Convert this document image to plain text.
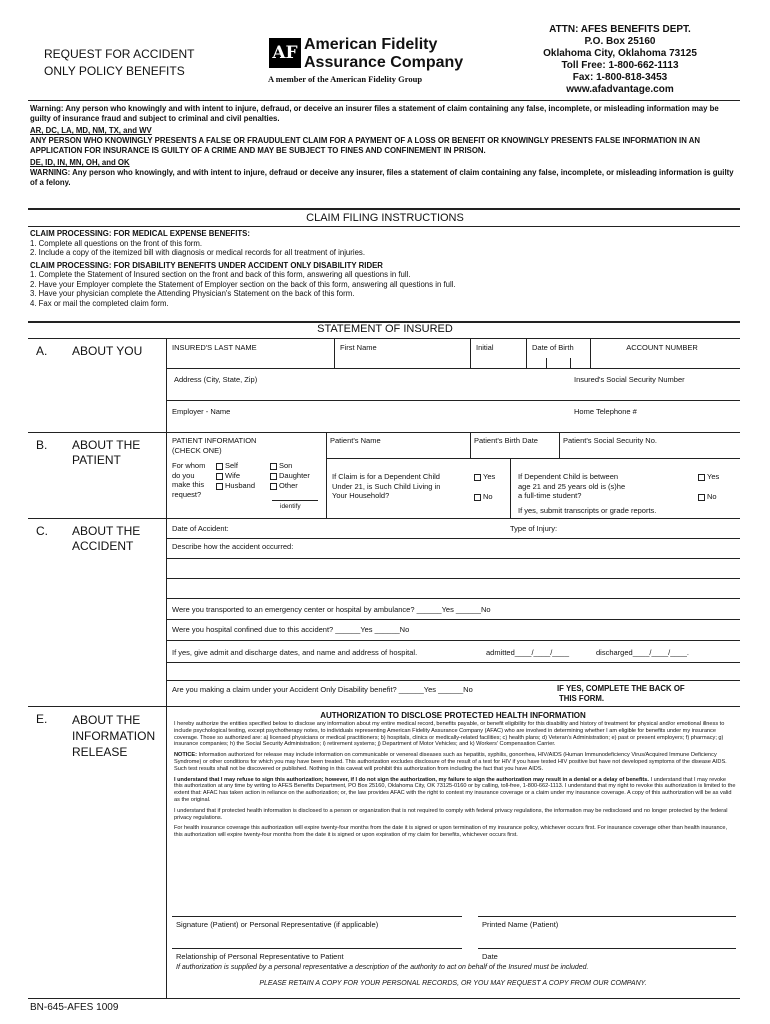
REQUEST FOR ACCIDENT
ONLY POLICY BENEFITS
AF American Fidelity
Assurance Company
A member of the American Fidelity Group
ATTN: AFES BENEFITS DEPT.
P.O. Box 25160
Oklahoma City, Oklahoma 73125
Toll Free: 1-800-662-1113
Fax: 1-800-818-3453
www.afadvantage.com
Warning: Any person who knowingly and with intent to injure, defraud, or deceive an insurer files a statement of claim containing any false, incomplete, or misleading information may be guilty of insurance fraud and subject to criminal and civil penalties.
AR, DC, LA, MD, NM, TX, and WV
ANY PERSON WHO KNOWINGLY PRESENTS A FALSE OR FRAUDULENT CLAIM FOR A PAYMENT OF A LOSS OR BENEFIT OR KNOWINGLY PRESENTS FALSE INFORMATION IN AN APPLICATION FOR INSURANCE IS GUILTY OF A CRIME AND MAY BE SUBJECT TO FINES AND CONFINEMENT IN PRISON.
DE, ID, IN, MN, OH, and OK
WARNING: Any person who knowingly, and with intent to injure, defraud or deceive any insurer, files a statement of claim containing any false, incomplete, or misleading information is guilty of a felony.
CLAIM FILING INSTRUCTIONS
CLAIM PROCESSING: FOR MEDICAL EXPENSE BENEFITS:
1. Complete all questions on the front of this form.
2. Include a copy of the itemized bill with diagnosis or medical records for all treatment of injuries.
CLAIM PROCESSING: FOR DISABILITY BENEFITS UNDER ACCIDENT ONLY DISABILITY RIDER
1. Complete the Statement of Insured section on the front and back of this form, answering all questions in full.
2. Have your Employer complete the Statement of Employer section on the back of this form, answering all questions in full.
3. Have your physician complete the Attending Physician's Statement on the back of this form.
4. Fax or mail the completed claim form.
STATEMENT OF INSURED
A. ABOUT YOU	INSURED'S LAST NAME	First Name	Initial	Date of Birth	ACCOUNT NUMBER
Address (City, State, Zip)	Insured's Social Security Number
Employer - Name	Home Telephone #
B. ABOUT THE
PATIENT
PATIENT INFORMATION
(CHECK ONE)
For whom
do you
make this
request?
Self
Wife
Husband
Son
Daughter
Other
identify
Patient's Name	Patient's Birth Date	Patient's Social Security No.
If Claim is for a Dependent Child
Under 21, is Such Child Living in
Your Household?
Yes
No
If Dependent Child is between
age 21 and 25 years old is (s)he
a full-time student?
Yes
No
If yes, submit transcripts or grade reports.
C. ABOUT THE
ACCIDENT
Date of Accident:	Type of Injury:
Describe how the accident occurred:
Were you transported to an emergency center or hospital by ambulance? ______Yes ______No
Were you hospital confined due to this accident? ______Yes ______No
If yes, give admit and discharge dates, and name and address of hospital.	admitted____/____/____	discharged____/____/____.
Are you making a claim under your Accident Only Disability benefit? ______Yes ______No	IF YES, COMPLETE THE BACK OF
THIS FORM.
E. ABOUT THE
INFORMATION
RELEASE
AUTHORIZATION TO DISCLOSE PROTECTED HEALTH INFORMATION

I hereby authorize the entities specified below to disclose any information about my entire medical record, benefits payable, or benefit eligibility for this disability and history of treatment for physical and/or emotional illness to include psychological testing, except psychotherapy notes, to individuals representing American Fidelity Assurance Company (AFAC) who are involved in determining whether I am eligible for benefits under my insurance coverage. Those so authorized are: a) licensed physicians or medical practitioners; b) hospitals, clinics or medically-related facilities; c) health plans; d) Veteran's Administration; e) past or present employers; f) pharmacy; g) insurance companies; h) the Social Security Administration; i) retirement systems; j) Department of Motor Vehicles; and k) Workers' Compensation Carrier.

NOTICE: Information authorized for release may include information on communicable or venereal diseases such as hepatitis, syphilis, gonorrhea, HIV/AIDS (Human Immunodeficiency Virus/Acquired Immune Deficiency Syndrome) or other conditions for which you may have been treated. This authorization excludes disclosure of the result of a test for HIV if you have tested HIV positive but have not developed symptoms of the disease AIDS. Such test results shall not be discovered or published. Nothing in this caveat will prohibit this authorization from including the fact that you have AIDS.

I understand that I may refuse to sign this authorization; however, if I do not sign the authorization, my failure to sign the authorization may result in a denial or a delay of benefits. I understand that I may revoke this authorization at any time by writing to AFES Benefits Department, PO Box 25160, Oklahoma City, OK 73125-0160 or by calling, toll-free, 1-800-662-1113. I understand that my right to revoke this authorization is limited to the extent that: AFAC has taken action in reliance on the authorization; or, the law provides AFAC with the right to contest my insurance coverage or a claim under my insurance coverage. A copy of this authorization will be as valid as the original.

I understand that if protected health information is disclosed to a person or organization that is not required to comply with federal privacy regulations, the information may be redisclosed and no longer protected by the federal privacy regulations.

For health insurance coverage this authorization will expire twenty-four months from the date it is signed or upon termination of my insurance policy, whichever occurs first. For insurance coverage other than health insurance, this authorization will expire twenty-four months from the date it is signed or upon expiration of my claim for benefits, whichever occurs first.

Signature (Patient) or Personal Representative (if applicable)	Printed Name (Patient)
Relationship of Personal Representative to Patient	Date
If authorization is supplied by a personal representative a description of the authority to act on behalf of the Insured must be included.
PLEASE RETAIN A COPY FOR YOUR PERSONAL RECORDS, OR YOU MAY REQUEST A COPY FROM OUR COMPANY.
BN-645-AFES 1009
